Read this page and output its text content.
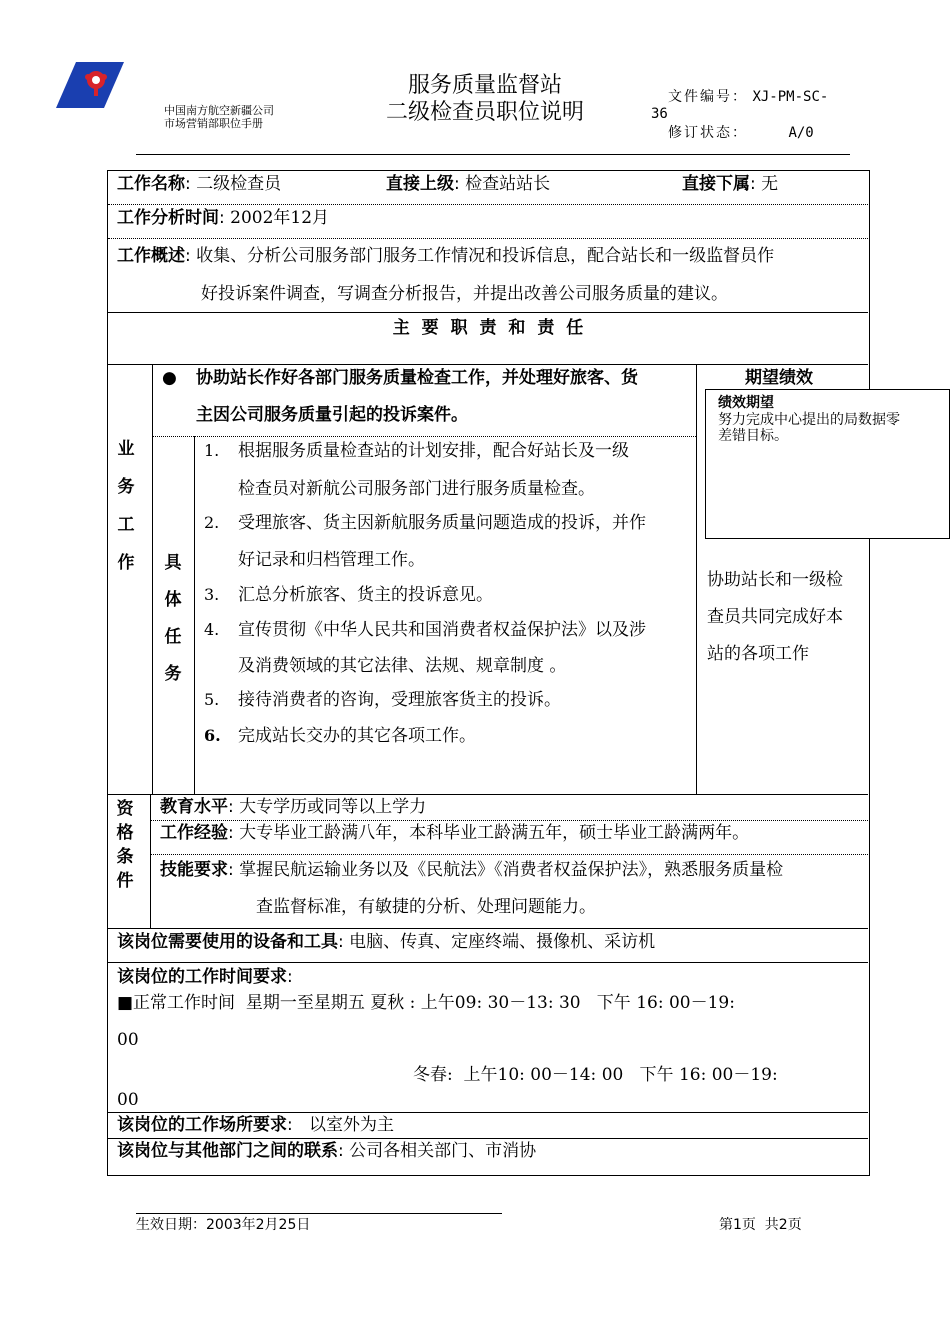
中国南方航空新疆公司
市场营销部职位手册
服务质量监督站
二级检查员职位说明
文件编号： XJ-PM-SC-
36
修订状态：	A/0
工作名称: 二级检查员	直接上级: 检查站站长	直接下属: 无
工作分析时间: 2002年12月
工作概述: 收集、分析公司服务部门服务工作情况和投诉信息，配合站长和一级监督员作
好投诉案件调查，写调查分析报告，并提出改善公司服务质量的建议。
主 要 职 责 和 责 任
业
务
工
作
● 协助站长作好各部门服务质量检查工作，并处理好旅客、货
主因公司服务质量引起的投诉案件。
具
体
任
务
1. 根据服务质量检查站的计划安排，配合好站长及一级
检查员对新航公司服务部门进行服务质量检查。
2. 受理旅客、货主因新航服务质量问题造成的投诉，并作
好记录和归档管理工作。
3. 汇总分析旅客、货主的投诉意见。
4. 宣传贯彻《中华人民共和国消费者权益保护法》以及涉
及消费领域的其它法律、法规、规章制度 。
5. 接待消费者的咨询，受理旅客货主的投诉。
6. 完成站长交办的其它各项工作。
期望绩效
协助站长和一级检
查员共同完成好本
站的各项工作
绩效期望
努力完成中心提出的局数据零
差错目标。
资
格
条
件
教育水平: 大专学历或同等以上学力
工作经验: 大专毕业工龄满八年，本科毕业工龄满五年，硕士毕业工龄满两年。
技能要求: 掌握民航运输业务以及《民航法》《消费者权益保护法》，熟悉服务质量检
查监督标准，有敏捷的分析、处理问题能力。
该岗位需要使用的设备和工具: 电脑、传真、定座终端、摄像机、采访机
该岗位的工作时间要求:
■正常工作时间  星期一至星期五 夏秋 : 上午09: 30－13: 30   下午 16: 00－19:
00
冬春:  上午10: 00－14: 00   下午 16: 00－19:
00
该岗位的工作场所要求:   以室外为主
该岗位与其他部门之间的联系: 公司各相关部门、市消协
生效日期：2003年2月25日	第1页  共2页
